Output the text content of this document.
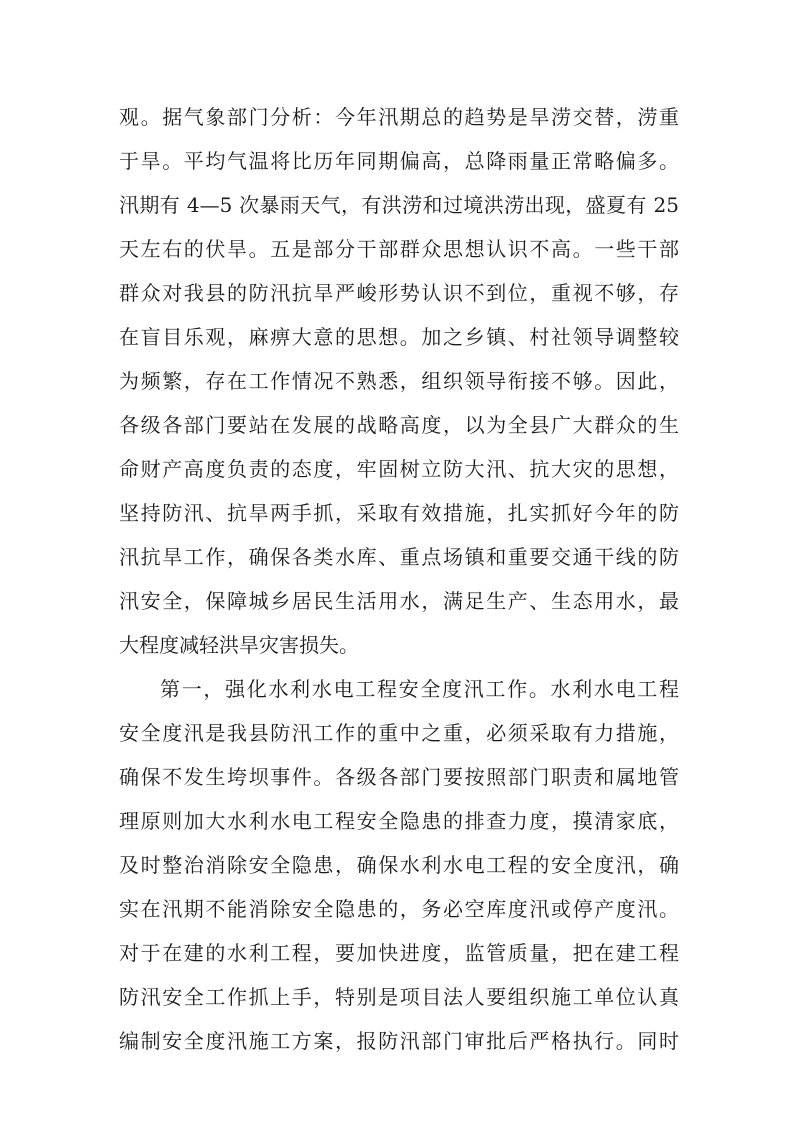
观。据气象部门分析：今年汛期总的趋势是旱涝交替，涝重
于旱。平均气温将比历年同期偏高，总降雨量正常略偏多。
汛期有 4—5 次暴雨天气，有洪涝和过境洪涝出现，盛夏有 25
天左右的伏旱。五是部分干部群众思想认识不高。一些干部
群众对我县的防汛抗旱严峻形势认识不到位，重视不够，存
在盲目乐观，麻痹大意的思想。加之乡镇、村社领导调整较
为频繁，存在工作情况不熟悉，组织领导衔接不够。因此，
各级各部门要站在发展的战略高度，以为全县广大群众的生
命财产高度负责的态度，牢固树立防大汛、抗大灾的思想，
坚持防汛、抗旱两手抓，采取有效措施，扎实抓好今年的防
汛抗旱工作，确保各类水库、重点场镇和重要交通干线的防
汛安全，保障城乡居民生活用水，满足生产、生态用水，最
大程度减轻洪旱灾害损失。
第一，强化水利水电工程安全度汛工作。水利水电工程
安全度汛是我县防汛工作的重中之重，必须采取有力措施，
确保不发生垮坝事件。各级各部门要按照部门职责和属地管
理原则加大水利水电工程安全隐患的排查力度，摸清家底，
及时整治消除安全隐患，确保水利水电工程的安全度汛，确
实在汛期不能消除安全隐患的，务必空库度汛或停产度汛。
对于在建的水利工程，要加快进度，监管质量，把在建工程
防汛安全工作抓上手，特别是项目法人要组织施工单位认真
编制安全度汛施工方案，报防汛部门审批后严格执行。同时
